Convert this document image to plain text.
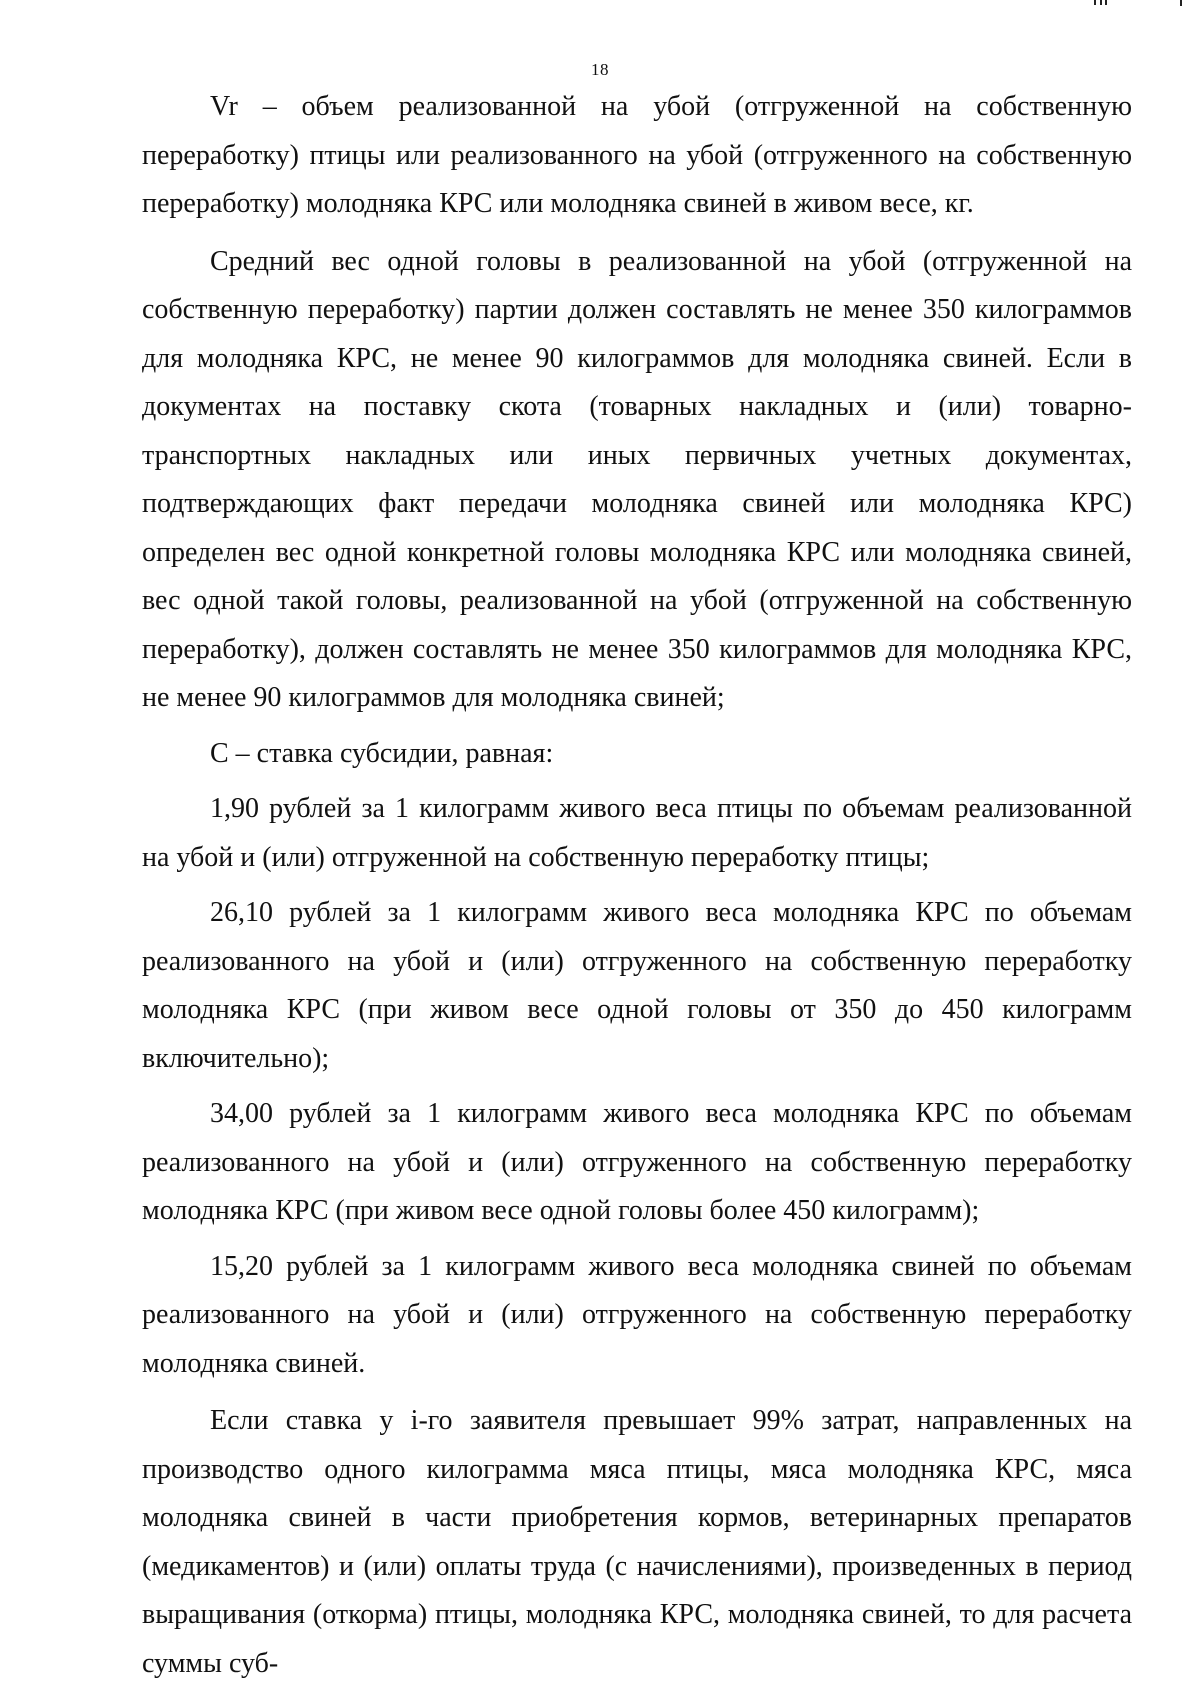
18

Vr – объем реализованной на убой (отгруженной на собственную переработку) птицы или реализованного на убой (отгруженного на собственную переработку) молодняка КРС или молодняка свиней в живом весе, кг.

Средний вес одной головы в реализованной на убой (отгруженной на собственную переработку) партии должен составлять не менее 350 килограммов для молодняка КРС, не менее 90 килограммов для молодняка свиней. Если в документах на поставку скота (товарных накладных и (или) товарно-транспортных накладных или иных первичных учетных документах, подтверждающих факт передачи молодняка свиней или молодняка КРС) определен вес одной конкретной головы молодняка КРС или молодняка свиней, вес одной такой головы, реализованной на убой (отгруженной на собственную переработку), должен составлять не менее 350 килограммов для молодняка КРС, не менее 90 килограммов для молодняка свиней;

С – ставка субсидии, равная:

1,90 рублей за 1 килограмм живого веса птицы по объемам реализованной на убой и (или) отгруженной на собственную переработку птицы;

26,10 рублей за 1 килограмм живого веса молодняка КРС по объемам реализованного на убой и (или) отгруженного на собственную переработку молодняка КРС (при живом весе одной головы от 350 до 450 килограмм включительно);

34,00 рублей за 1 килограмм живого веса молодняка КРС по объемам реализованного на убой и (или) отгруженного на собственную переработку молодняка КРС (при живом весе одной головы более 450 килограмм);

15,20 рублей за 1 килограмм живого веса молодняка свиней по объемам реализованного на убой и (или) отгруженного на собственную переработку молодняка свиней.

Если ставка у i-го заявителя превышает 99% затрат, направленных на производство одного килограмма мяса птицы, мяса молодняка КРС, мяса молодняка свиней в части приобретения кормов, ветеринарных препаратов (медикаментов) и (или) оплаты труда (с начислениями), произведенных в период выращивания (откорма) птицы, молодняка КРС, молодняка свиней, то для расчета суммы суб-
